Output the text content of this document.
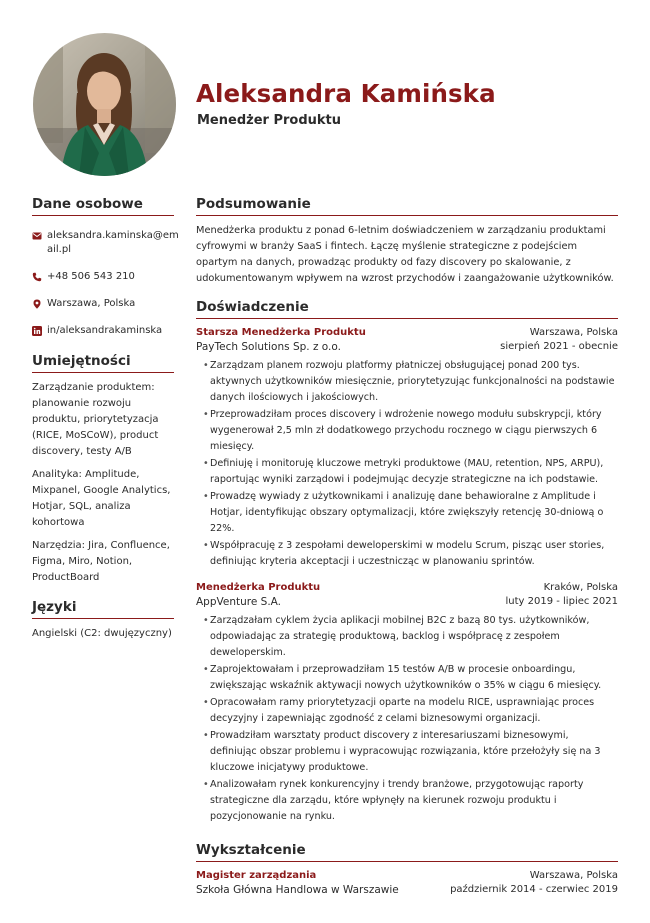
Aleksandra Kamińska
Menedżer Produktu
Dane osobowe
aleksandra.kaminska@em ail.pl
+48 506 543 210
Warszawa, Polska
in/aleksandrakaminska
Umiejętności
Zarządzanie produktem: planowanie rozwoju produktu, priorytetyzacja (RICE, MoSCoW), product discovery, testy A/B
Analityka: Amplitude, Mixpanel, Google Analytics, Hotjar, SQL, analiza kohortowa
Narzędzia: Jira, Confluence, Figma, Miro, Notion, ProductBoard
Języki
Angielski (C2: dwujęzyczny)
Podsumowanie
Menedżerka produktu z ponad 6-letnim doświadczeniem w zarządzaniu produktami cyfrowymi w branży SaaS i fintech. Łączę myślenie strategiczne z podejściem opartym na danych, prowadząc produkty od fazy discovery po skalowanie, z udokumentowanym wpływem na wzrost przychodów i zaangażowanie użytkowników.
Doświadczenie
Starsza Menedżerka Produktu	Warszawa, Polska
PayTech Solutions Sp. z o.o.	sierpień 2021 - obecnie
• Zarządzam planem rozwoju platformy płatniczej obsługującej ponad 200 tys. aktywnych użytkowników miesięcznie, priorytetyzując funkcjonalności na podstawie danych ilościowych i jakościowych.
• Przeprowadziłam proces discovery i wdrożenie nowego modułu subskrypcji, który wygenerował 2,5 mln zł dodatkowego przychodu rocznego w ciągu pierwszych 6 miesięcy.
• Definiuję i monitoruję kluczowe metryki produktowe (MAU, retention, NPS, ARPU), raportując wyniki zarządowi i podejmując decyzje strategiczne na ich podstawie.
• Prowadzę wywiady z użytkownikami i analizuję dane behawioralne z Amplitude i Hotjar, identyfikując obszary optymalizacji, które zwiększyły retencję 30-dniową o 22%.
• Współpracuję z 3 zespołami deweloperskimi w modelu Scrum, pisząc user stories, definiując kryteria akceptacji i uczestnicząc w planowaniu sprintów.
Menedżerka Produktu	Kraków, Polska
AppVenture S.A.	luty 2019 - lipiec 2021
• Zarządzałam cyklem życia aplikacji mobilnej B2C z bazą 80 tys. użytkowników, odpowiadając za strategię produktową, backlog i współpracę z zespołem deweloperskim.
• Zaprojektowałam i przeprowadziłam 15 testów A/B w procesie onboardingu, zwiększając wskaźnik aktywacji nowych użytkowników o 35% w ciągu 6 miesięcy.
• Opracowałam ramy priorytetyzacji oparte na modelu RICE, usprawniając proces decyzyjny i zapewniając zgodność z celami biznesowymi organizacji.
• Prowadziłam warsztaty product discovery z interesariuszami biznesowymi, definiując obszar problemu i wypracowując rozwiązania, które przełożyły się na 3 kluczowe inicjatywy produktowe.
• Analizowałam rynek konkurencyjny i trendy branżowe, przygotowując raporty strategiczne dla zarządu, które wpłynęły na kierunek rozwoju produktu i pozycjonowanie na rynku.
Wykształcenie
Magister zarządzania	Warszawa, Polska
Szkoła Główna Handlowa w Warszawie	październik 2014 - czerwiec 2019
